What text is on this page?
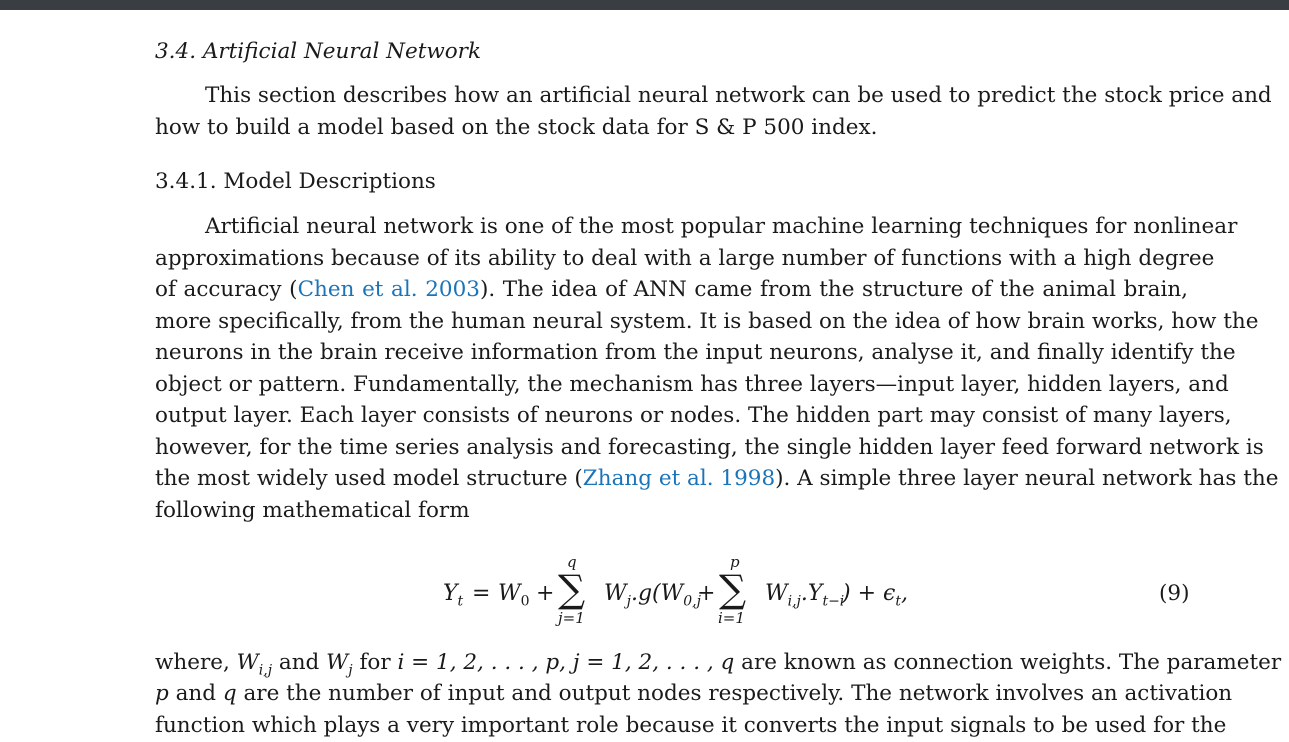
3.4. Artificial Neural Network
This section describes how an artificial neural network can be used to predict the stock price and
how to build a model based on the stock data for S & P 500 index.
3.4.1. Model Descriptions
Artificial neural network is one of the most popular machine learning techniques for nonlinear
approximations because of its ability to deal with a large number of functions with a high degree
of accuracy (Chen et al. 2003). The idea of ANN came from the structure of the animal brain,
more specifically, from the human neural system. It is based on the idea of how brain works, how the
neurons in the brain receive information from the input neurons, analyse it, and finally identify the
object or pattern. Fundamentally, the mechanism has three layers—input layer, hidden layers, and
output layer. Each layer consists of neurons or nodes. The hidden part may consist of many layers,
however, for the time series analysis and forecasting, the single hidden layer feed forward network is
the most widely used model structure (Zhang et al. 1998). A simple three layer neural network has the
following mathematical form
$Y_t = W_0$ +
q
∑
j=1
$W_j.g(W_{0,j}$
+
p
∑
i=1
$W_{i,j}.Y_{t-i}$
) + $\epsilon_t$,	(9)
where, $W_{i,j}$ and $W_j$ for i = 1, 2, . . . , p, j = 1, 2, . . . , q are known as connection weights. The parameter
p and q are the number of input and output nodes respectively. The network involves an activation
function which plays a very important role because it converts the input signals to be used for the
